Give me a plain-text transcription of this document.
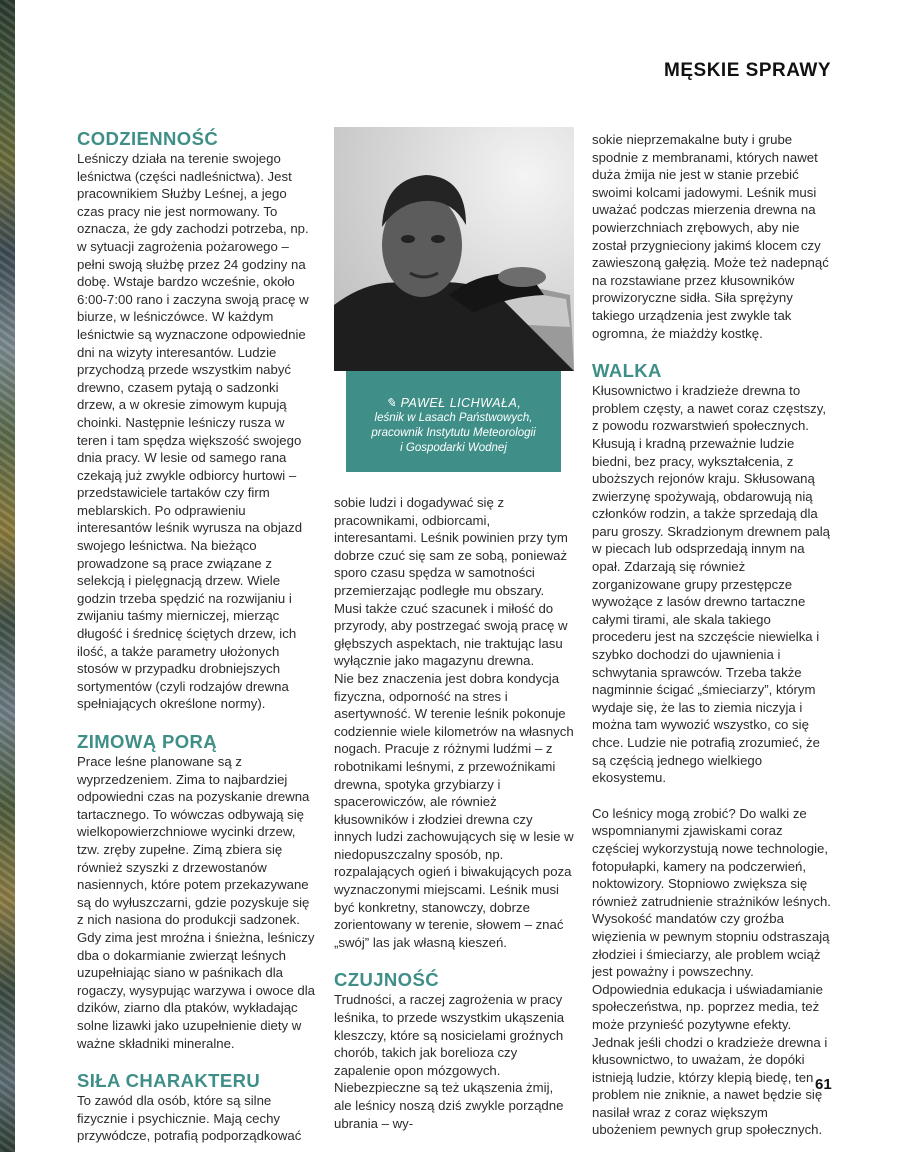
MĘSKIE SPRAWY
CODZIENNOŚĆ

Leśniczy działa na terenie swojego leśnictwa (części nadleśnictwa). Jest pracownikiem Służby Leśnej, a jego czas pracy nie jest normowany. To oznacza, że gdy zachodzi potrzeba, np. w sytuacji zagrożenia pożarowego – pełni swoją służbę przez 24 godziny na dobę. Wstaje bardzo wcześnie, około 6:00-7:00 rano i zaczyna swoją pracę w biurze, w leśniczówce. W każdym leśnictwie są wyznaczone odpowiednie dni na wizyty interesantów. Ludzie przychodzą przede wszystkim nabyć drewno, czasem pytają o sadzonki drzew, a w okresie zimowym kupują choinki. Następnie leśniczy rusza w teren i tam spędza większość swojego dnia pracy. W lesie od samego rana czekają już zwykle odbiorcy hurtowi – przedstawiciele tartaków czy firm meblarskich. Po odprawieniu interesantów leśnik wyrusza na objazd swojego leśnictwa. Na bieżąco prowadzone są prace związane z selekcją i pielęgnacją drzew. Wiele godzin trzeba spędzić na rozwijaniu i zwijaniu taśmy mierniczej, mierząc długość i średnicę ściętych drzew, ich ilość, a także parametry ułożonych stosów w przypadku drobniejszych sortymentów (czyli rodzajów drewna spełniających określone normy).

ZIMOWĄ PORĄ

Prace leśne planowane są z wyprzedzeniem. Zima to najbardziej odpowiedni czas na pozyskanie drewna tartacznego. To wówczas odbywają się wielkopowierzchniowe wycinki drzew, tzw. zręby zupełne. Zimą zbiera się również szyszki z drzewostanów nasiennych, które potem przekazywane są do wyłuszczarni, gdzie pozyskuje się z nich nasiona do produkcji sadzonek. Gdy zima jest mroźna i śnieżna, leśniczy dba o dokarmianie zwierząt leśnych uzupełniając siano w paśnikach dla rogaczy, wysypując warzywa i owoce dla dzików, ziarno dla ptaków, wykładając solne lizawki jako uzupełnienie diety w ważne składniki mineralne.

SIŁA CHARAKTERU

To zawód dla osób, które są silne fizycznie i psychicznie. Mają cechy przywódcze, potrafią podporządkować

✎ PAWEŁ LICHWAŁA,
leśnik w Lasach Państwowych,
pracownik Instytutu Meteorologii
i Gospodarki Wodnej

sobie ludzi i dogadywać się z pracownikami, odbiorcami, interesantami. Leśnik powinien przy tym dobrze czuć się sam ze sobą, ponieważ sporo czasu spędza w samotności przemierzając podległe mu obszary. Musi także czuć szacunek i miłość do przyrody, aby postrzegać swoją pracę w głębszych aspektach, nie traktując lasu wyłącznie jako magazynu drewna.

Nie bez znaczenia jest dobra kondycja fizyczna, odporność na stres i asertywność. W terenie leśnik pokonuje codziennie wiele kilometrów na własnych nogach. Pracuje z różnymi ludźmi – z robotnikami leśnymi, z przewoźnikami drewna, spotyka grzybiarzy i spacerowiczów, ale również kłusowników i złodziei drewna czy innych ludzi zachowujących się w lesie w niedopuszczalny sposób, np. rozpalających ogień i biwakujących poza wyznaczonymi miejscami. Leśnik musi być konkretny, stanowczy, dobrze zorientowany w terenie, słowem – znać „swój” las jak własną kieszeń.

CZUJNOŚĆ

Trudności, a raczej zagrożenia w pracy leśnika, to przede wszystkim ukąszenia kleszczy, które są nosicielami groźnych chorób, takich jak borelioza czy zapalenie opon mózgowych. Niebezpieczne są też ukąszenia żmij, ale leśnicy noszą dziś zwykle porządne ubrania – wy-

sokie nieprzemakalne buty i grube spodnie z membranami, których nawet duża żmija nie jest w stanie przebić swoimi kolcami jadowymi. Leśnik musi uważać podczas mierzenia drewna na powierzchniach zrębowych, aby nie został przygnieciony jakimś klocem czy zawieszoną gałęzią. Może też nadepnąć na rozstawiane przez kłusowników prowizoryczne sidła. Siła sprężyny takiego urządzenia jest zwykle tak ogromna, że miażdży kostkę.

WALKA

Kłusownictwo i kradzieże drewna to problem częsty, a nawet coraz częstszy, z powodu rozwarstwień społecznych. Kłusują i kradną przeważnie ludzie biedni, bez pracy, wykształcenia, z uboższych rejonów kraju. Skłusowaną zwierzynę spożywają, obdarowują nią członków rodzin, a także sprzedają dla paru groszy. Skradzionym drewnem palą w piecach lub odsprzedają innym na opał. Zdarzają się również zorganizowane grupy przestępcze wywożące z lasów drewno tartaczne całymi tirami, ale skala takiego procederu jest na szczęście niewielka i szybko dochodzi do ujawnienia i schwytania sprawców. Trzeba także nagminnie ścigać „śmieciarzy”, którym wydaje się, że las to ziemia niczyja i można tam wywozić wszystko, co się chce. Ludzie nie potrafią zrozumieć, że są częścią jednego wielkiego ekosystemu.

Co leśnicy mogą zrobić? Do walki ze wspomnianymi zjawiskami coraz częściej wykorzystują nowe technologie, fotopułapki, kamery na podczerwień, noktowizory. Stopniowo zwiększa się również zatrudnienie strażników leśnych. Wysokość mandatów czy groźba więzienia w pewnym stopniu odstraszają złodziei i śmieciarzy, ale problem wciąż jest poważny i powszechny. Odpowiednia edukacja i uświadamianie społeczeństwa, np. poprzez media, też może przynieść pozytywne efekty. Jednak jeśli chodzi o kradzieże drewna i kłusownictwo, to uważam, że dopóki istnieją ludzie, którzy klepią biedę, ten problem nie zniknie, a nawet będzie się nasilał wraz z coraz większym ubożeniem pewnych grup społecznych.

61
